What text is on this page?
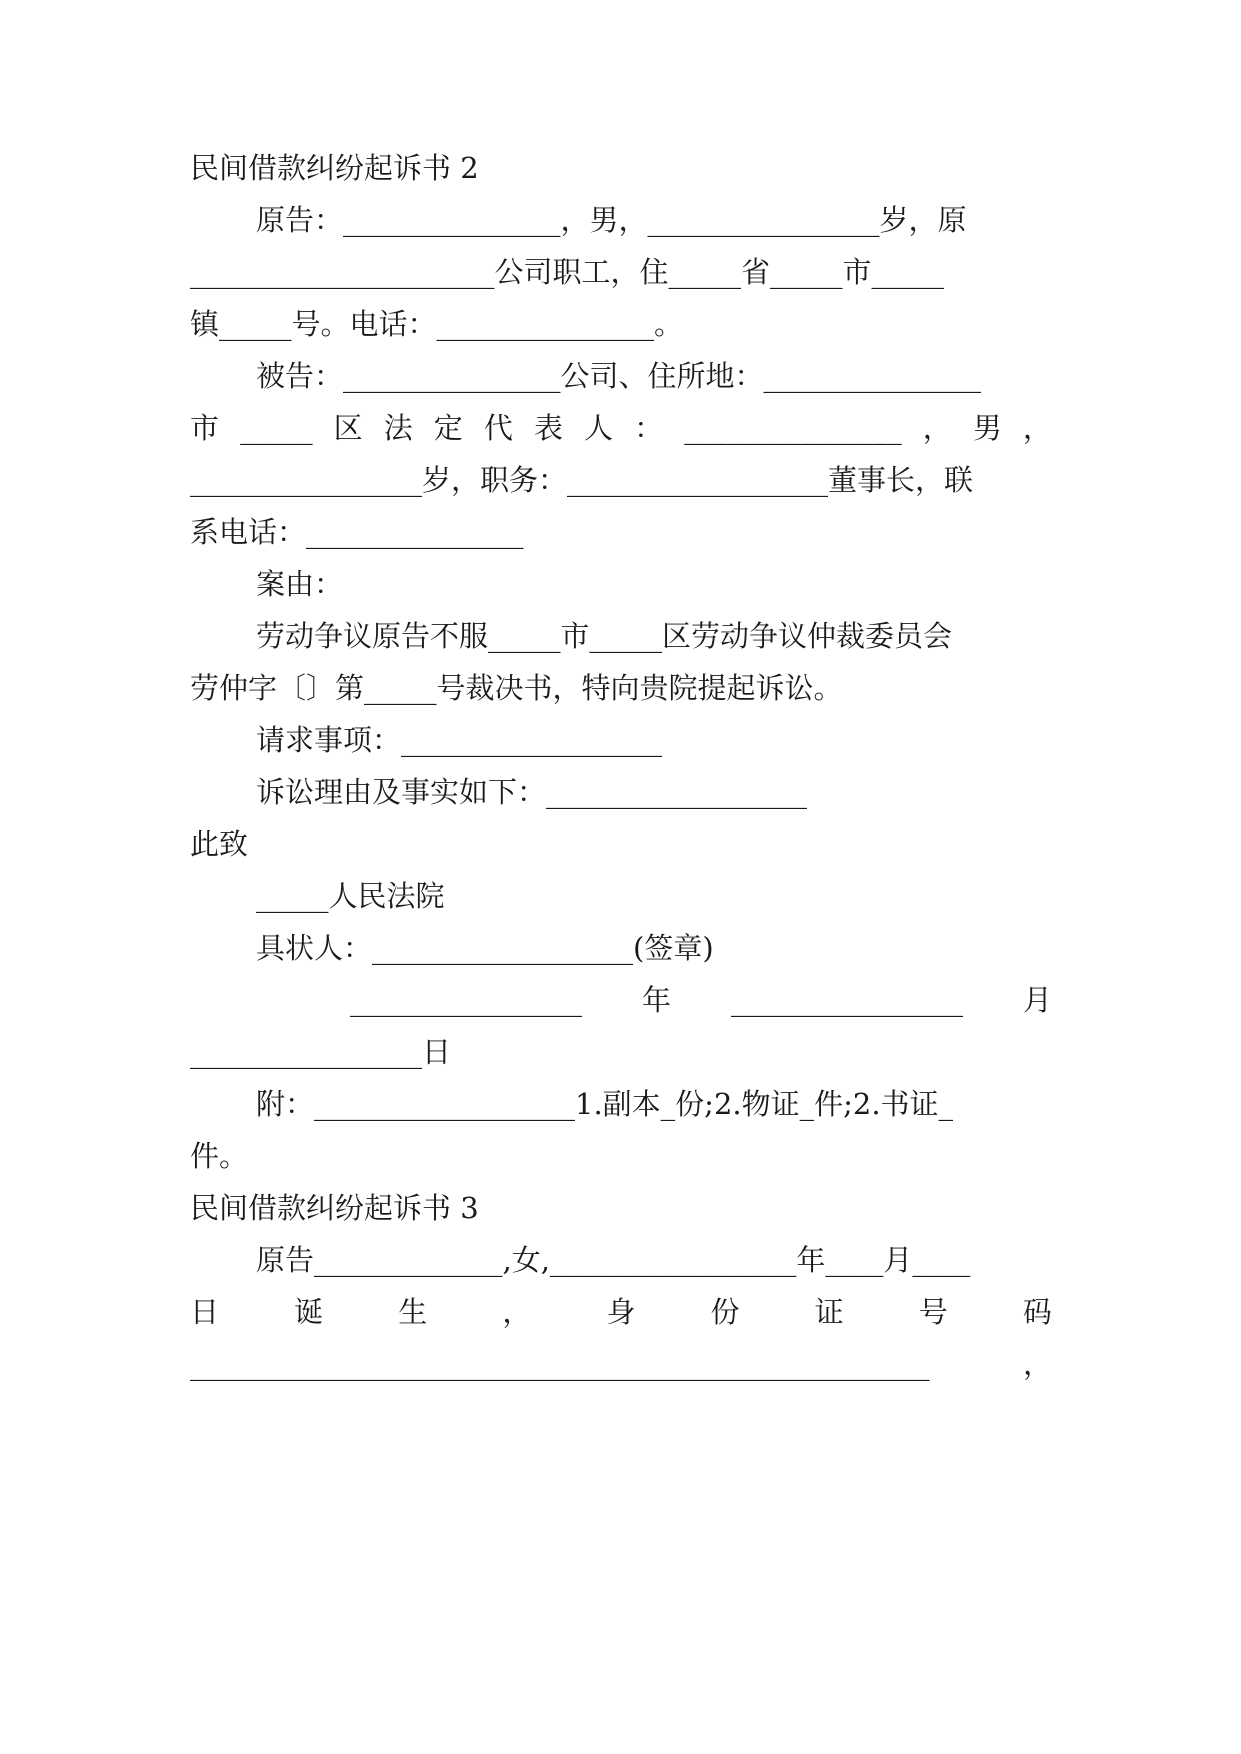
民间借款纠纷起诉书 2

原告：_______________，男，________________岁，原

_____________________公司职工，住_____省_____市_____

镇_____号。电话：_______________。

被告：_______________公司、住所地：_______________

市 _____ 区 法 定 代 表 人 ： _______________ ， 男 ，

________________岁，职务：__________________董事长，联

系电话：_______________

案由：

劳动争议原告不服_____市_____区劳动争议仲裁委员会

劳仲字〔〕第_____号裁决书，特向贵院提起诉讼。

请求事项：__________________

诉讼理由及事实如下：__________________

此致

_____人民法院

具状人：__________________(签章)

________________ 年 ________________ 月

________________日

附：__________________1.副本_份;2.物证_件;2.书证_

件。

民间借款纠纷起诉书 3

原告_____________,女,_________________年____月____

日	诞	生	，	身	份	证	号	码

___________________________________________________	，
